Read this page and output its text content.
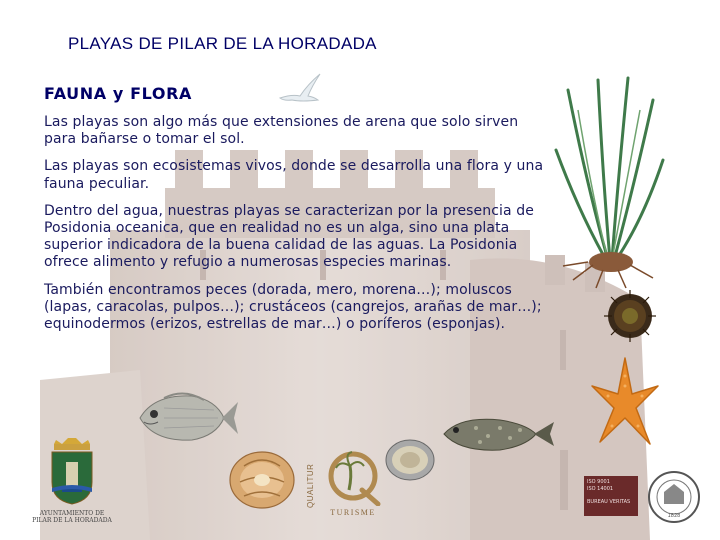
PLAYAS DE PILAR DE LA HORADADA
FAUNA y FLORA

Las playas son algo más que extensiones de arena que solo sirven para bañarse o tomar el sol.

Las playas son ecosistemas vivos, donde se desarrolla una flora y una fauna peculiar.

Dentro del agua, nuestras playas se caracterizan por la presencia de Posidonia oceanica, que en realidad no es un alga, sino una plata superior indicadora de la buena calidad de las aguas. La Posidonia ofrece alimento y refugio a numerosas especies marinas.

También encontramos peces (dorada, mero, morena…); moluscos (lapas, caracolas, pulpos…); crustáceos (cangrejos, arañas de mar…); equinodermos (erizos, estrellas de mar…) o poríferos (esponjas).

AYUNTAMIENTO DE
PILAR DE LA HORADADA
QUALITUR
TURISME
ISO 9001
ISO 14001
BUREAU VERITAS
1828
